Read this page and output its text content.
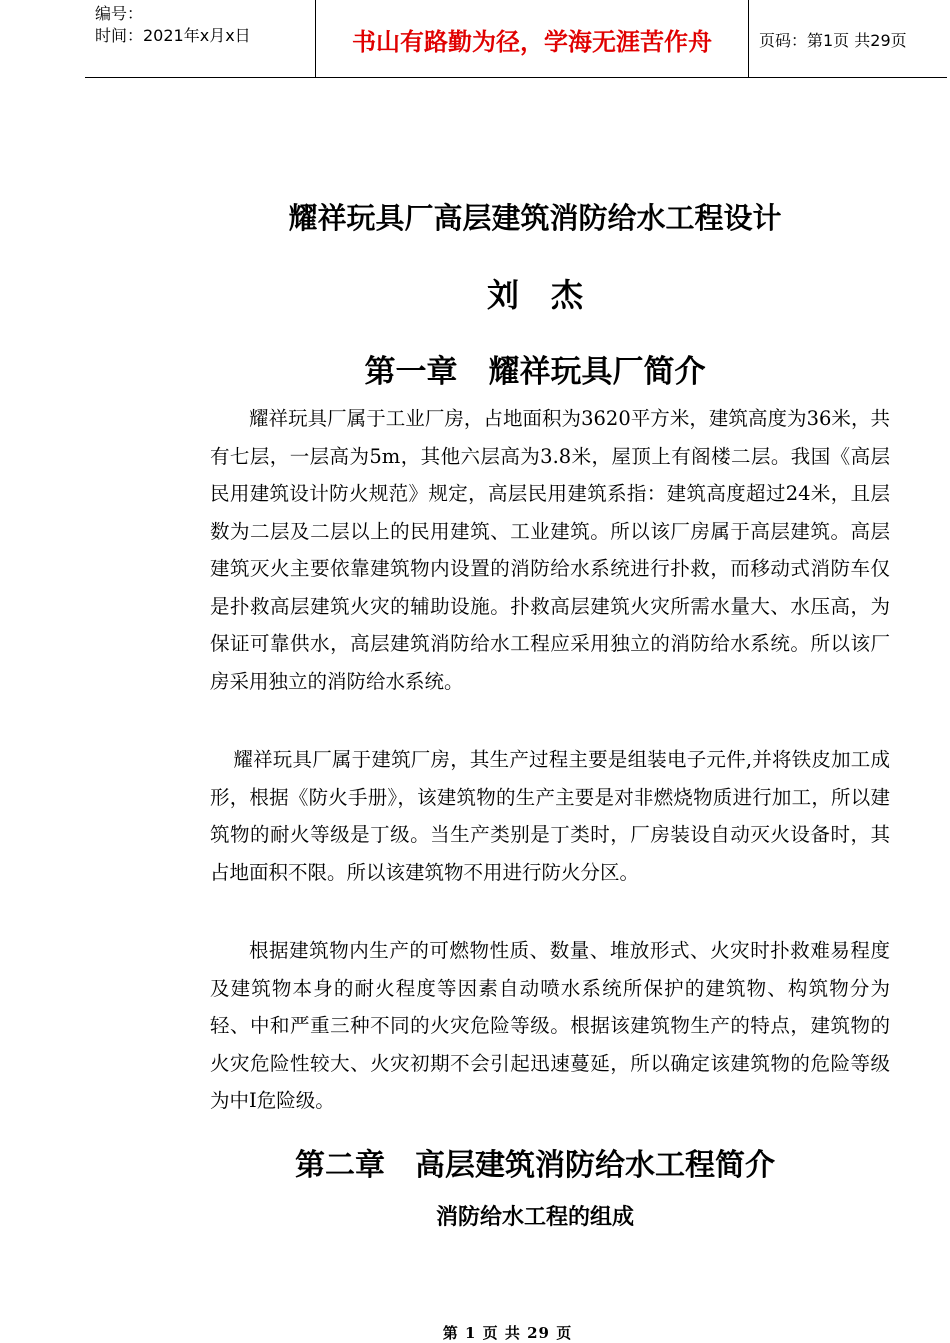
编号：
时间：2021年x月x日	书山有路勤为径，学海无涯苦作舟	页码：第1页 共29页
耀祥玩具厂高层建筑消防给水工程设计
刘　杰
第一章　耀祥玩具厂简介

耀祥玩具厂属于工业厂房，占地面积为3620平方米，建筑高度为36米，共有七层，一层高为5m，其他六层高为3.8米，屋顶上有阁楼二层。我国《高层民用建筑设计防火规范》规定，高层民用建筑系指：建筑高度超过24米，且层数为二层及二层以上的民用建筑、工业建筑。所以该厂房属于高层建筑。高层建筑灭火主要依靠建筑物内设置的消防给水系统进行扑救，而移动式消防车仅是扑救高层建筑火灾的辅助设施。扑救高层建筑火灾所需水量大、水压高，为保证可靠供水，高层建筑消防给水工程应采用独立的消防给水系统。所以该厂房采用独立的消防给水系统。

耀祥玩具厂属于建筑厂房，其生产过程主要是组装电子元件,并将铁皮加工成形，根据《防火手册》，该建筑物的生产主要是对非燃烧物质进行加工，所以建筑物的耐火等级是丁级。当生产类别是丁类时，厂房装设自动灭火设备时，其占地面积不限。所以该建筑物不用进行防火分区。

根据建筑物内生产的可燃物性质、数量、堆放形式、火灾时扑救难易程度及建筑物本身的耐火程度等因素自动喷水系统所保护的建筑物、构筑物分为轻、中和严重三种不同的火灾危险等级。根据该建筑物生产的特点，建筑物的火灾危险性较大、火灾初期不会引起迅速蔓延，所以确定该建筑物的危险等级为中Ⅰ危险级。

第二章　高层建筑消防给水工程简介
消防给水工程的组成
第 1 页 共 29 页
